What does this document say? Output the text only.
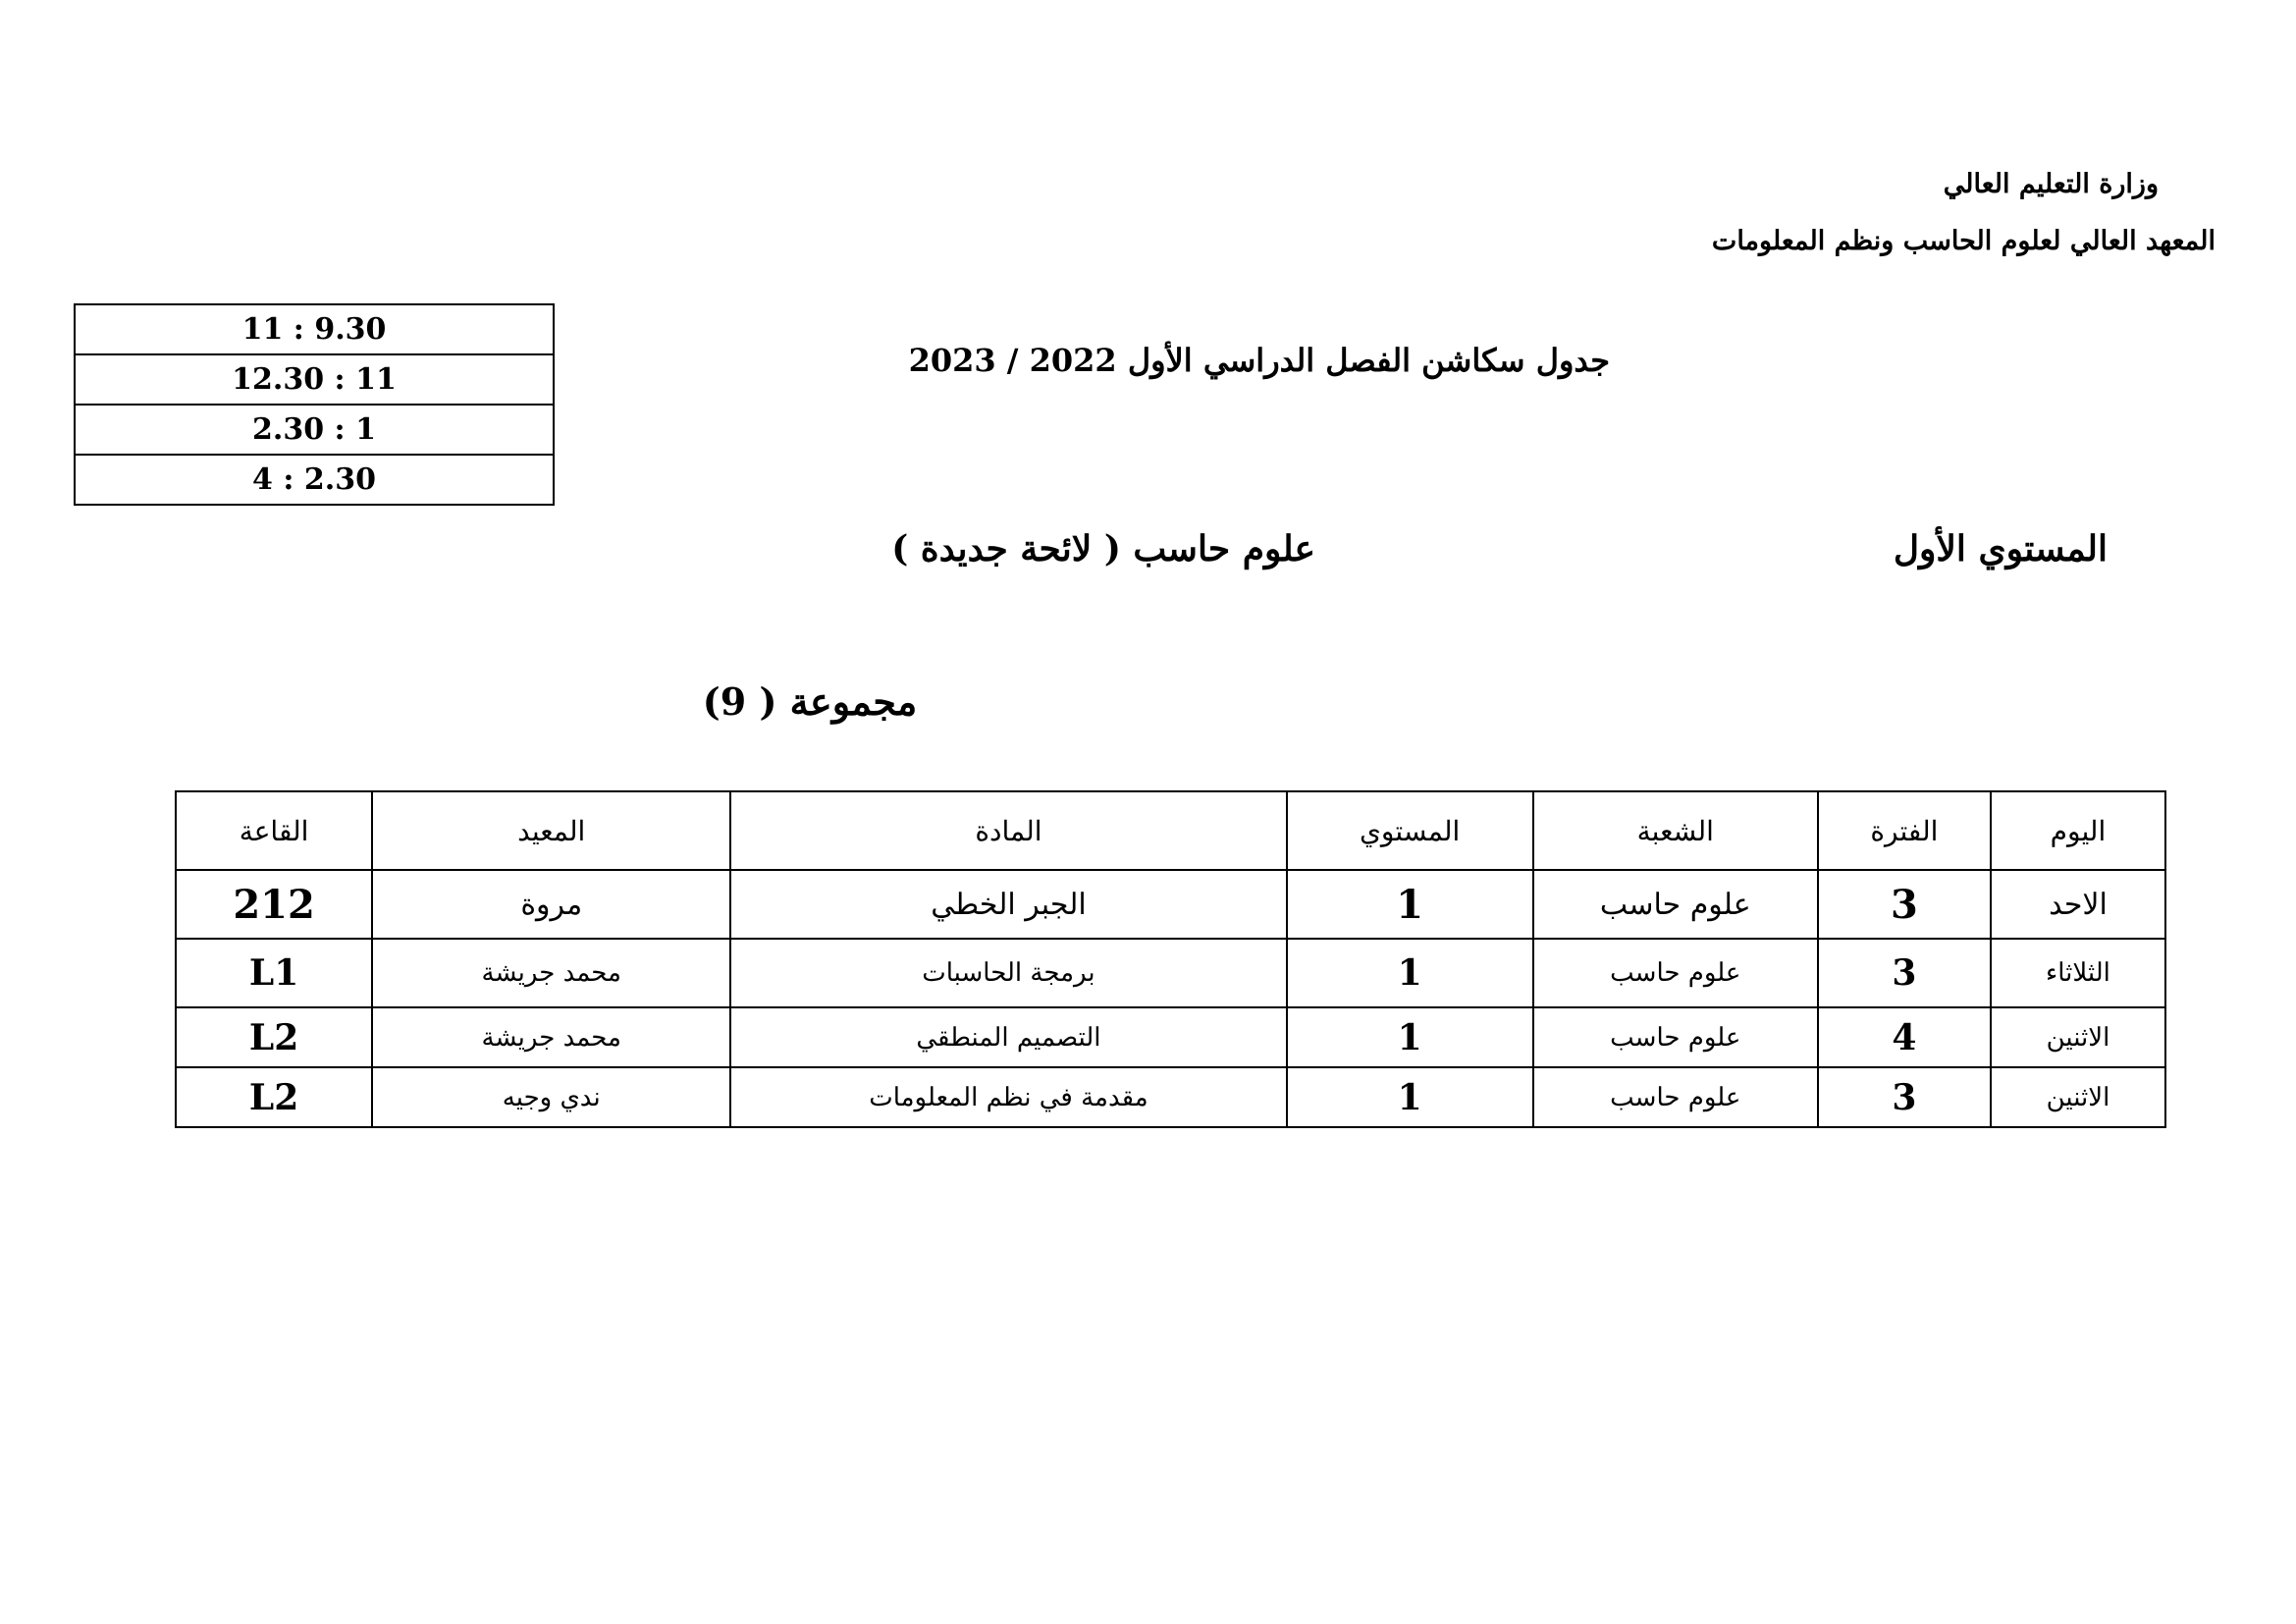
وزارة التعليم العالي
المعهد العالي لعلوم الحاسب ونظم المعلومات
جدول سكاشن الفصل الدراسي الأول 2022 / 2023
11 : 9.30
12.30 : 11
2.30 : 1
4 : 2.30
المستوي الأول
علوم حاسب ( لائحة جديدة )
مجموعة ( 9)
اليوم	الفترة	الشعبة	المستوي	المادة	المعيد	القاعة
الاحد	3	علوم حاسب	1	الجبر الخطي	مروة	212
الثلاثاء	3	علوم حاسب	1	برمجة الحاسبات	محمد جريشة	L1
الاثنين	4	علوم حاسب	1	التصميم المنطقي	محمد جريشة	L2
الاثنين	3	علوم حاسب	1	مقدمة في نظم المعلومات	ندي وجيه	L2
